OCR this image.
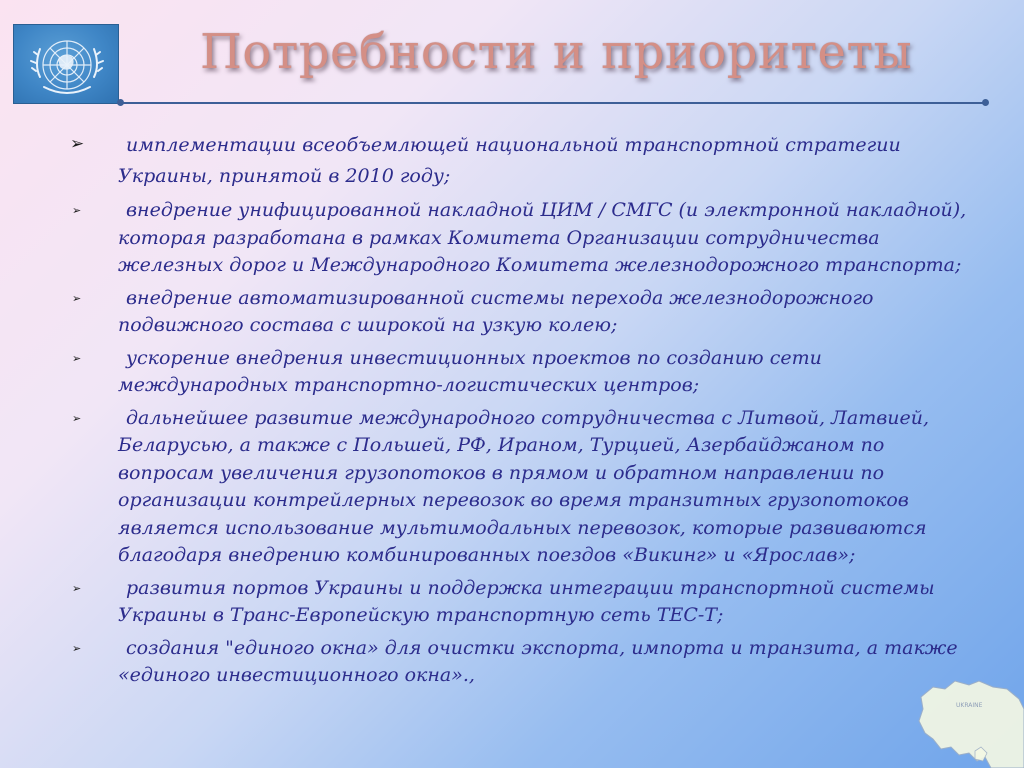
Потребности и приоритеты
➢	имплементации всеобъемлющей национальной транспортной стратегии Украины, принятой в 2010 году;
➢	внедрение унифицированной накладной ЦИМ / СМГС (и электронной накладной), которая разработана в рамках Комитета Организации сотрудничества железных дорог и Международного Комитета железнодорожного транспорта;
➢	внедрение автоматизированной системы перехода железнодорожного подвижного состава с широкой на узкую колею;
➢	ускорение внедрения инвестиционных проектов по созданию сети международных транспортно-логистических центров;
➢	дальнейшее развитие международного сотрудничества с Литвой, Латвией, Беларусью, а также с Польшей, РФ, Ираном, Турцией, Азербайджаном по вопросам увеличения грузопотоков в прямом и обратном направлении по организации контрейлерных перевозок во время транзитных грузопотоков является использование мультимодальных перевозок, которые развиваются благодаря внедрению комбинированных поездов «Викинг» и «Ярослав»;
➢	развития портов Украины и поддержка интеграции транспортной системы Украины в Транс-Европейскую транспортную сеть ТЕС-Т;
➢	создания "единого окна» для очистки экспорта, импорта и транзита, а также «единого инвестиционного окна».,
UKRAINE
